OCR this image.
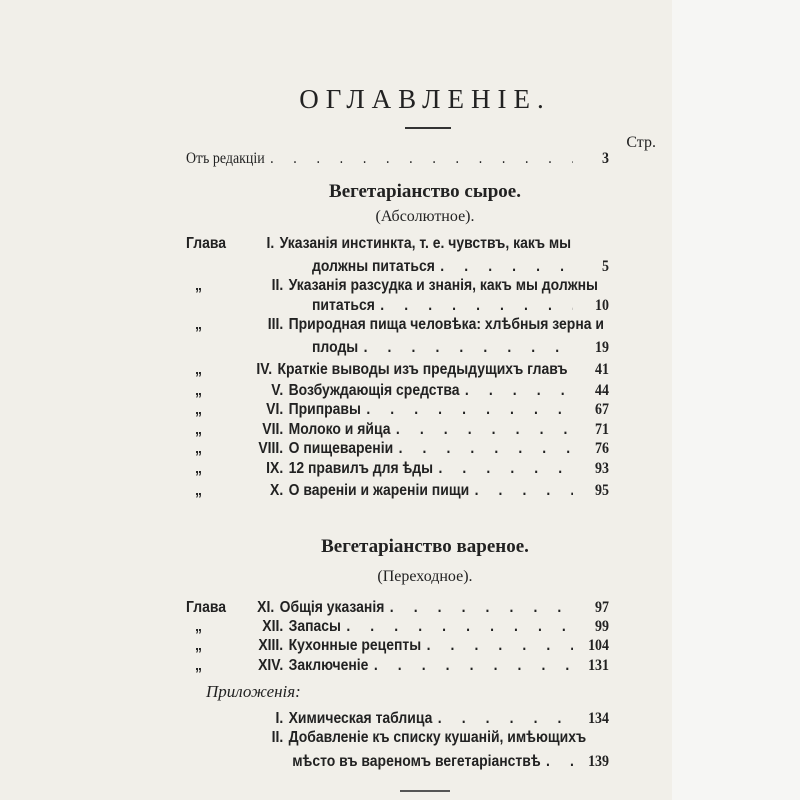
ОГЛАВЛЕНІЕ.
Стр.
Отъ редакціи . . .	3
Вегетаріанство сырое.
(Абсолютное).
Глава	I. Указанія инстинкта, т. е. чувствъ, какъ мы
должны питаться . . .	5
„	II. Указанія разсудка и знанія, какъ мы должны
питаться . . .	10
„	III. Природная пища человѣка: хлѣбныя зерна и
плоды . . .	19
„	IV. Краткіе выводы изъ предыдущихъ главъ	41
„	V. Возбуждающія средства . . .	44
„	VI. Приправы . . .	67
„	VII. Молоко и яйца . . .	71
„	VIII. О пищевареніи . . .	76
„	IX. 12 правилъ для ѣды . . .	93
„	X. О вареніи и жареніи пищи . . .	95
Вегетаріанство вареное.
(Переходное).
Глава	XI. Общія указанія . . .	97
„	XII. Запасы . . .	99
„	XIII. Кухонные рецепты . . .	104
„	XIV. Заключеніе . . .	131
Приложенія:
I. Химическая таблица . . .	134
II. Добавленіе къ списку кушаній, имѣющихъ
мѣсто въ вареномъ вегетаріанствѣ . . .	139
